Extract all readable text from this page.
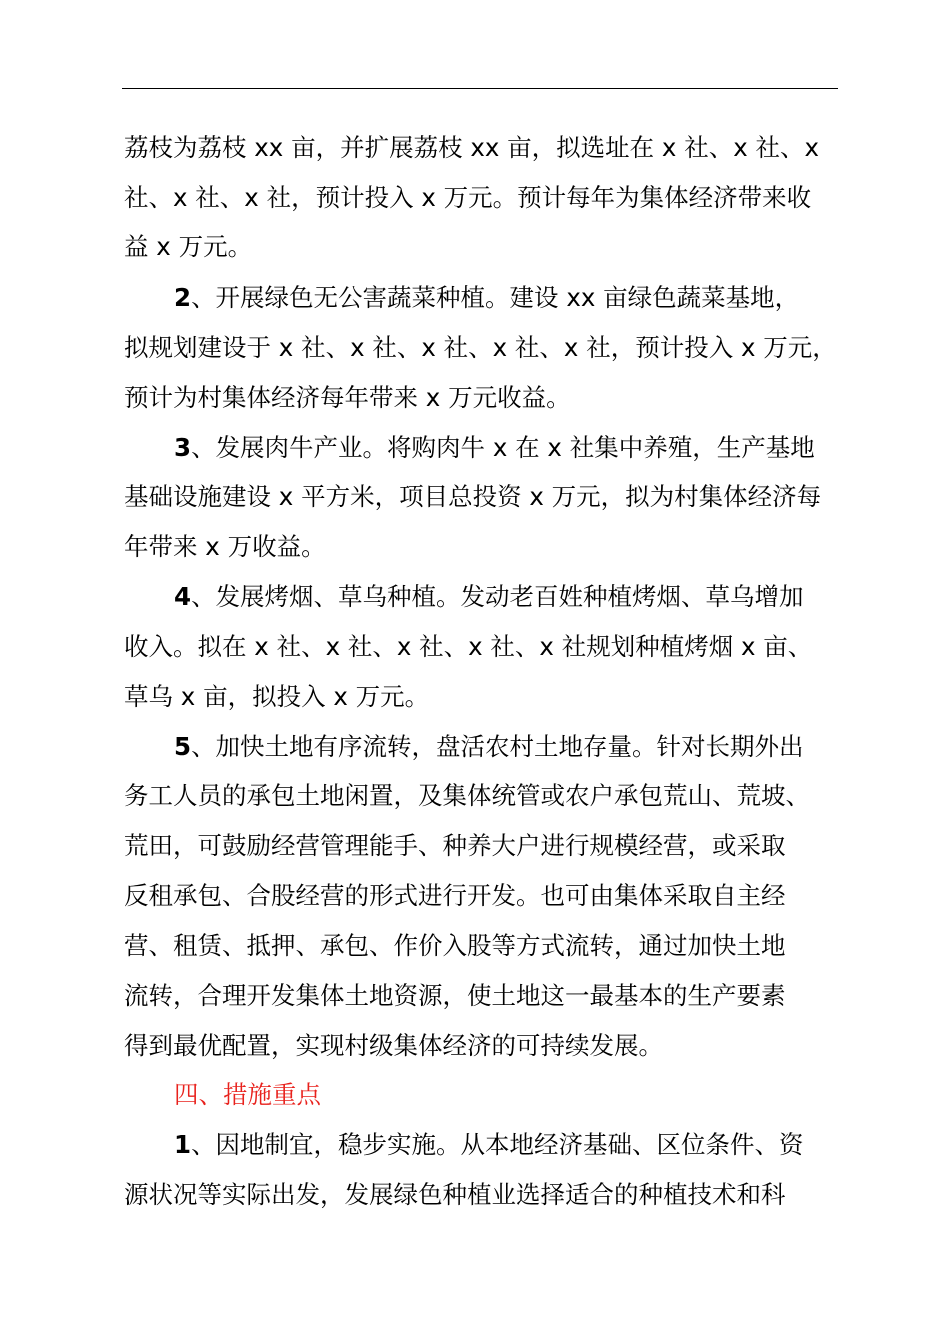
荔枝为荔枝 xx 亩，并扩展荔枝 xx 亩，拟选址在 x 社、x 社、x
社、x 社、x 社，预计投入 x 万元。预计每年为集体经济带来收
益 x 万元。
2、开展绿色无公害蔬菜种植。建设 xx 亩绿色蔬菜基地，
拟规划建设于 x 社、x 社、x 社、x 社、x 社，预计投入 x 万元，
预计为村集体经济每年带来 x 万元收益。
3、发展肉牛产业。将购肉牛 x 在 x 社集中养殖，生产基地
基础设施建设 x 平方米，项目总投资 x 万元，拟为村集体经济每
年带来 x 万收益。
4、发展烤烟、草乌种植。发动老百姓种植烤烟、草乌增加
收入。拟在 x 社、x 社、x 社、x 社、x 社规划种植烤烟 x 亩、
草乌 x 亩，拟投入 x 万元。
5、加快土地有序流转，盘活农村土地存量。针对长期外出
务工人员的承包土地闲置，及集体统管或农户承包荒山、荒坡、
荒田，可鼓励经营管理能手、种养大户进行规模经营，或采取
反租承包、合股经营的形式进行开发。也可由集体采取自主经
营、租赁、抵押、承包、作价入股等方式流转，通过加快土地
流转，合理开发集体土地资源，使土地这一最基本的生产要素
得到最优配置，实现村级集体经济的可持续发展。
四、措施重点
1、因地制宜，稳步实施。从本地经济基础、区位条件、资
源状况等实际出发，发展绿色种植业选择适合的种植技术和科
